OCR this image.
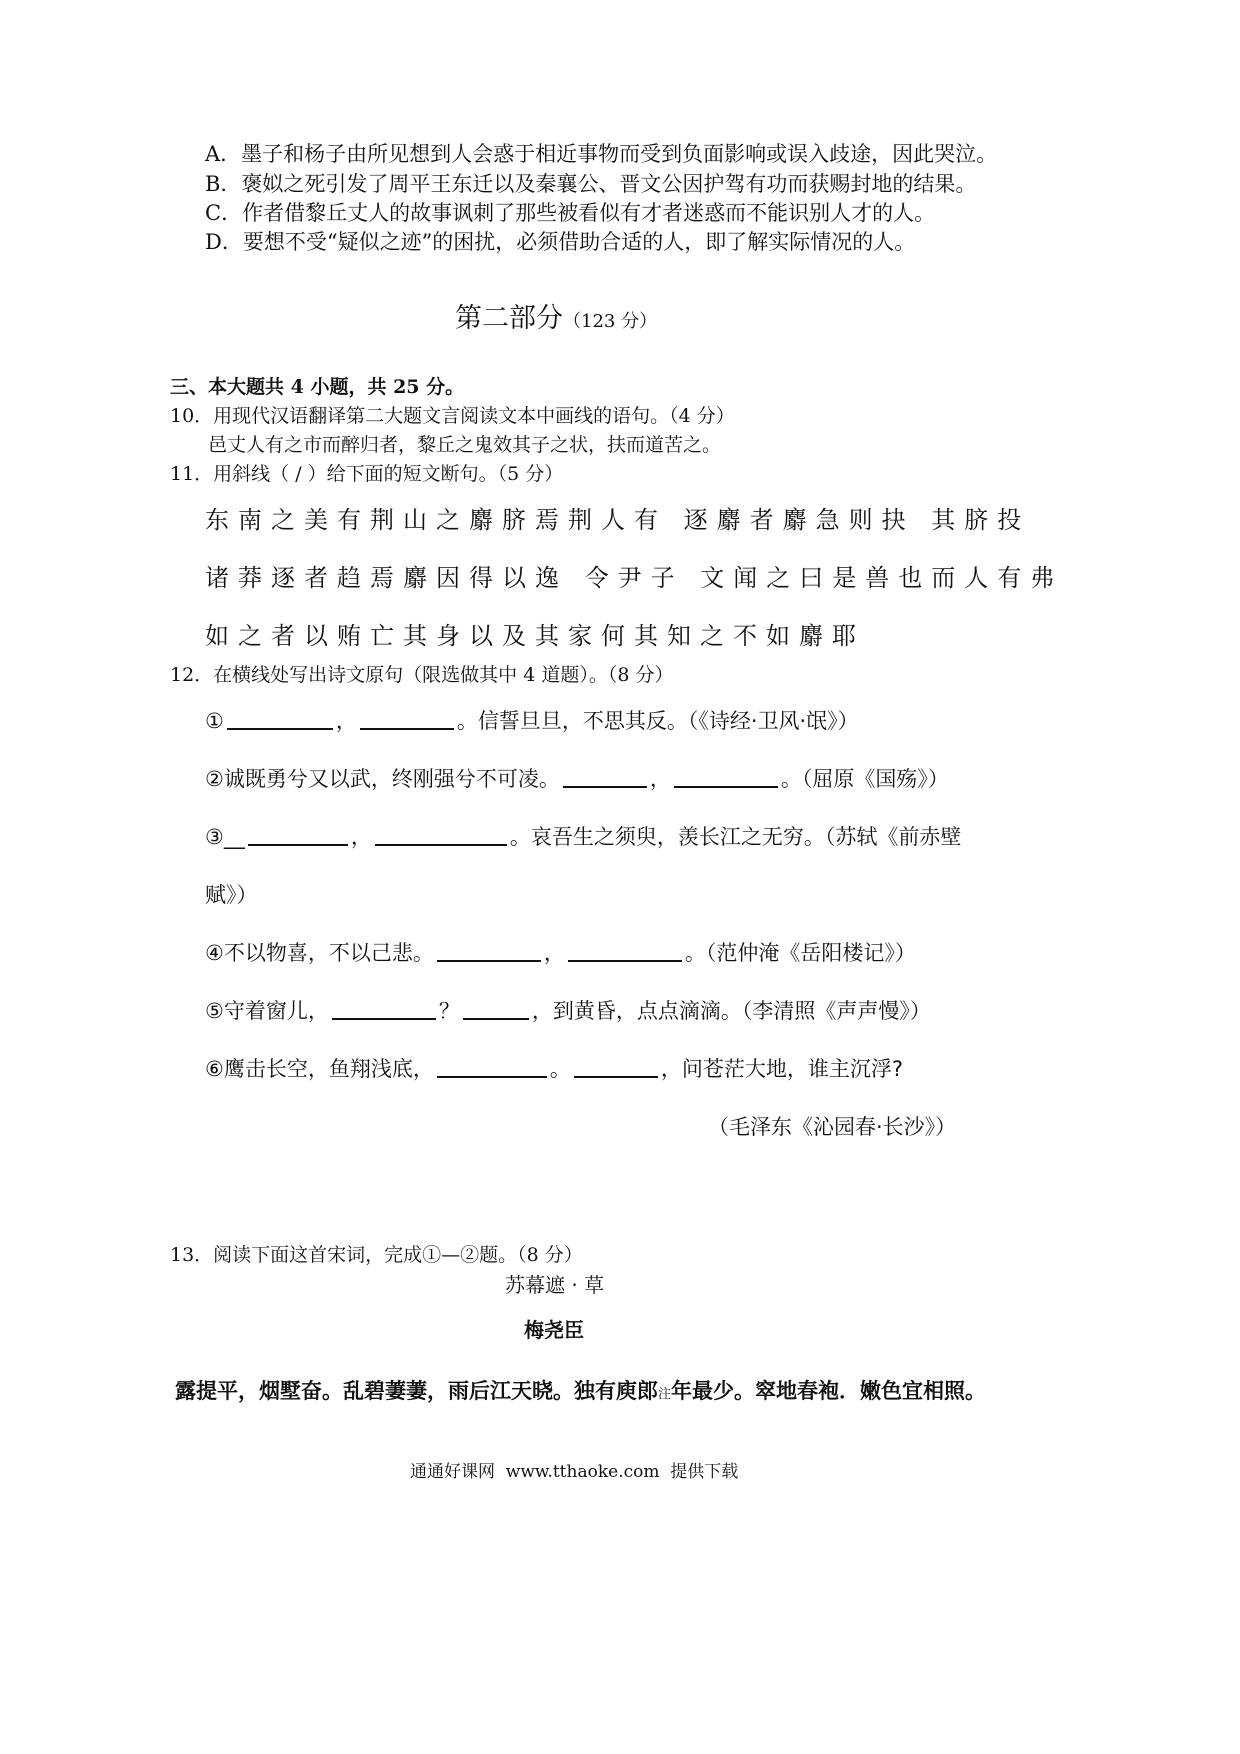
A．墨子和杨子由所见想到人会惑于相近事物而受到负面影响或误入歧途，因此哭泣。
B．褒姒之死引发了周平王东迁以及秦襄公、晋文公因护驾有功而获赐封地的结果。
C．作者借黎丘丈人的故事讽刺了那些被看似有才者迷惑而不能识别人才的人。
D．要想不受“疑似之迹”的困扰，必须借助合适的人，即了解实际情况的人。
第二部分（123 分）
三、本大题共 4 小题，共 25 分。
10．用现代汉语翻译第二大题文言阅读文本中画线的语句。（4 分）
邑丈人有之市而醉归者，黎丘之鬼效其子之状，扶而道苦之。
11．用斜线（ / ）给下面的短文断句。（5 分）
东南之美有荆山之麝脐焉荆人有 逐麝者麝急则抉 其脐投
诸莽逐者趋焉麝因得以逸 令尹子 文闻之曰是兽也而人有弗
如之者以贿亡其身以及其家何其知之不如麝耶
12．在横线处写出诗文原句（限选做其中 4 道题）。（8 分）
①	，	。信誓旦旦，不思其反。（《诗经·卫风·氓》）
②诚既勇兮又以武，终刚强兮不可凌。	，	。（屈原《国殇》）
③__	，	。哀吾生之须臾，羡长江之无穷。（苏轼《前赤壁
赋》）
④不以物喜，不以己悲。	，	。（范仲淹《岳阳楼记》）
⑤守着窗儿，	？	，到黄昏，点点滴滴。（李清照《声声慢》）
⑥鹰击长空，鱼翔浅底，	。	，问苍茫大地，谁主沉浮?
（毛泽东《沁园春·长沙》）
13．阅读下面这首宋词，完成①—②题。（8 分）
苏幕遮 · 草
梅尧臣
露提平，烟墅奋。乱碧萋萋，雨后江天晓。独有庾郎注年最少。窣地春袍．嫩色宜相照。
通通好课网  www.tthaoke.com  提供下载
